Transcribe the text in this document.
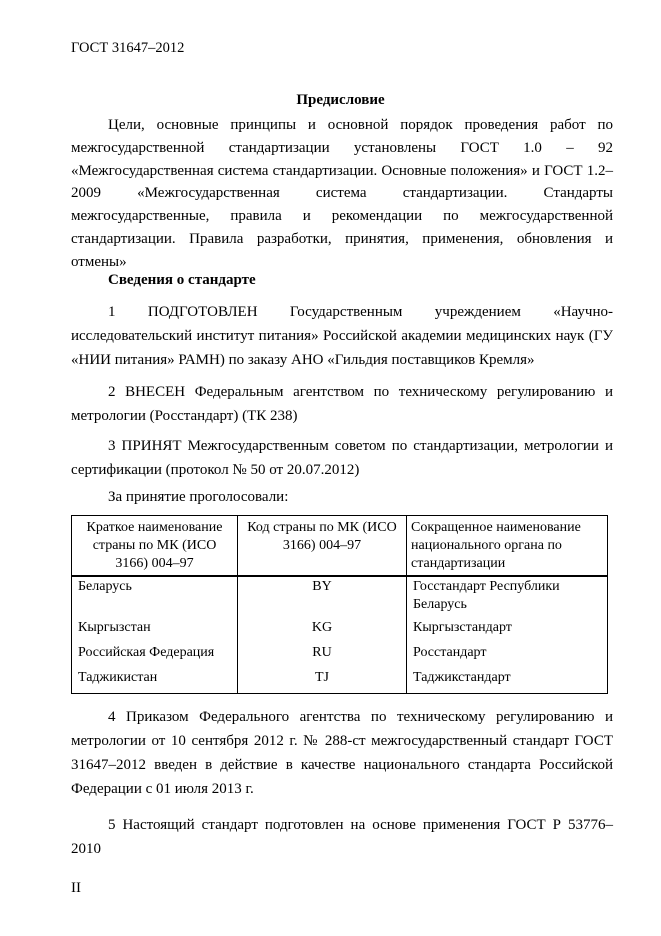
ГОСТ 31647–2012
Предисловие

Цели, основные принципы и основной порядок проведения работ по межгосударственной стандартизации установлены ГОСТ 1.0 – 92 «Межгосударственная система стандартизации. Основные положения» и ГОСТ 1.2–2009 «Межгосударственная система стандартизации. Стандарты межгосударственные, правила и рекомендации по межгосударственной стандартизации. Правила разработки, принятия, применения, обновления и отмены»

Сведения о стандарте

1 ПОДГОТОВЛЕН Государственным учреждением «Научно-исследовательский институт питания» Российской академии медицинских наук (ГУ «НИИ питания» РАМН) по заказу АНО «Гильдия поставщиков Кремля»

2 ВНЕСЕН Федеральным агентством по техническому регулированию и метрологии (Росстандарт) (ТК 238)

3 ПРИНЯТ Межгосударственным советом по стандартизации, метрологии и сертификации (протокол № 50 от 20.07.2012)

За принятие проголосовали:
Краткое наименование страны по МК (ИСО 3166) 004–97	Код страны по МК (ИСО 3166) 004–97	Сокращенное наименование национального органа по стандартизации
Беларусь	BY	Госстандарт Республики Беларусь
Кыргызстан	KG	Кыргызстандарт
Российская Федерация	RU	Росстандарт
Таджикистан	TJ	Таджикстандарт

4 Приказом Федерального агентства по техническому регулированию и метрологии от 10 сентября 2012 г. № 288-ст межгосударственный стандарт ГОСТ 31647–2012 введен в действие в качестве национального стандарта Российской Федерации с 01 июля 2013 г.

5 Настоящий стандарт подготовлен на основе применения ГОСТ Р 53776–2010

II
